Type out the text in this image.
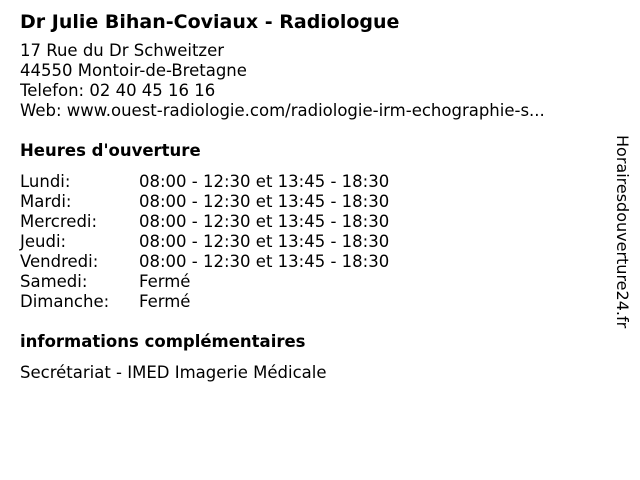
Dr Julie Bihan-Coviaux - Radiologue
17 Rue du Dr Schweitzer
44550 Montoir-de-Bretagne
Telefon: 02 40 45 16 16
Web: www.ouest-radiologie.com/radiologie-irm-echographie-s...
Heures d'ouverture
Lundi:	08:00 - 12:30 et 13:45 - 18:30
Mardi:	08:00 - 12:30 et 13:45 - 18:30
Mercredi:	08:00 - 12:30 et 13:45 - 18:30
Jeudi:	08:00 - 12:30 et 13:45 - 18:30
Vendredi:	08:00 - 12:30 et 13:45 - 18:30
Samedi:	Fermé
Dimanche:	Fermé
informations complémentaires
Secrétariat - IMED Imagerie Médicale
Horairesdouverture24.fr
